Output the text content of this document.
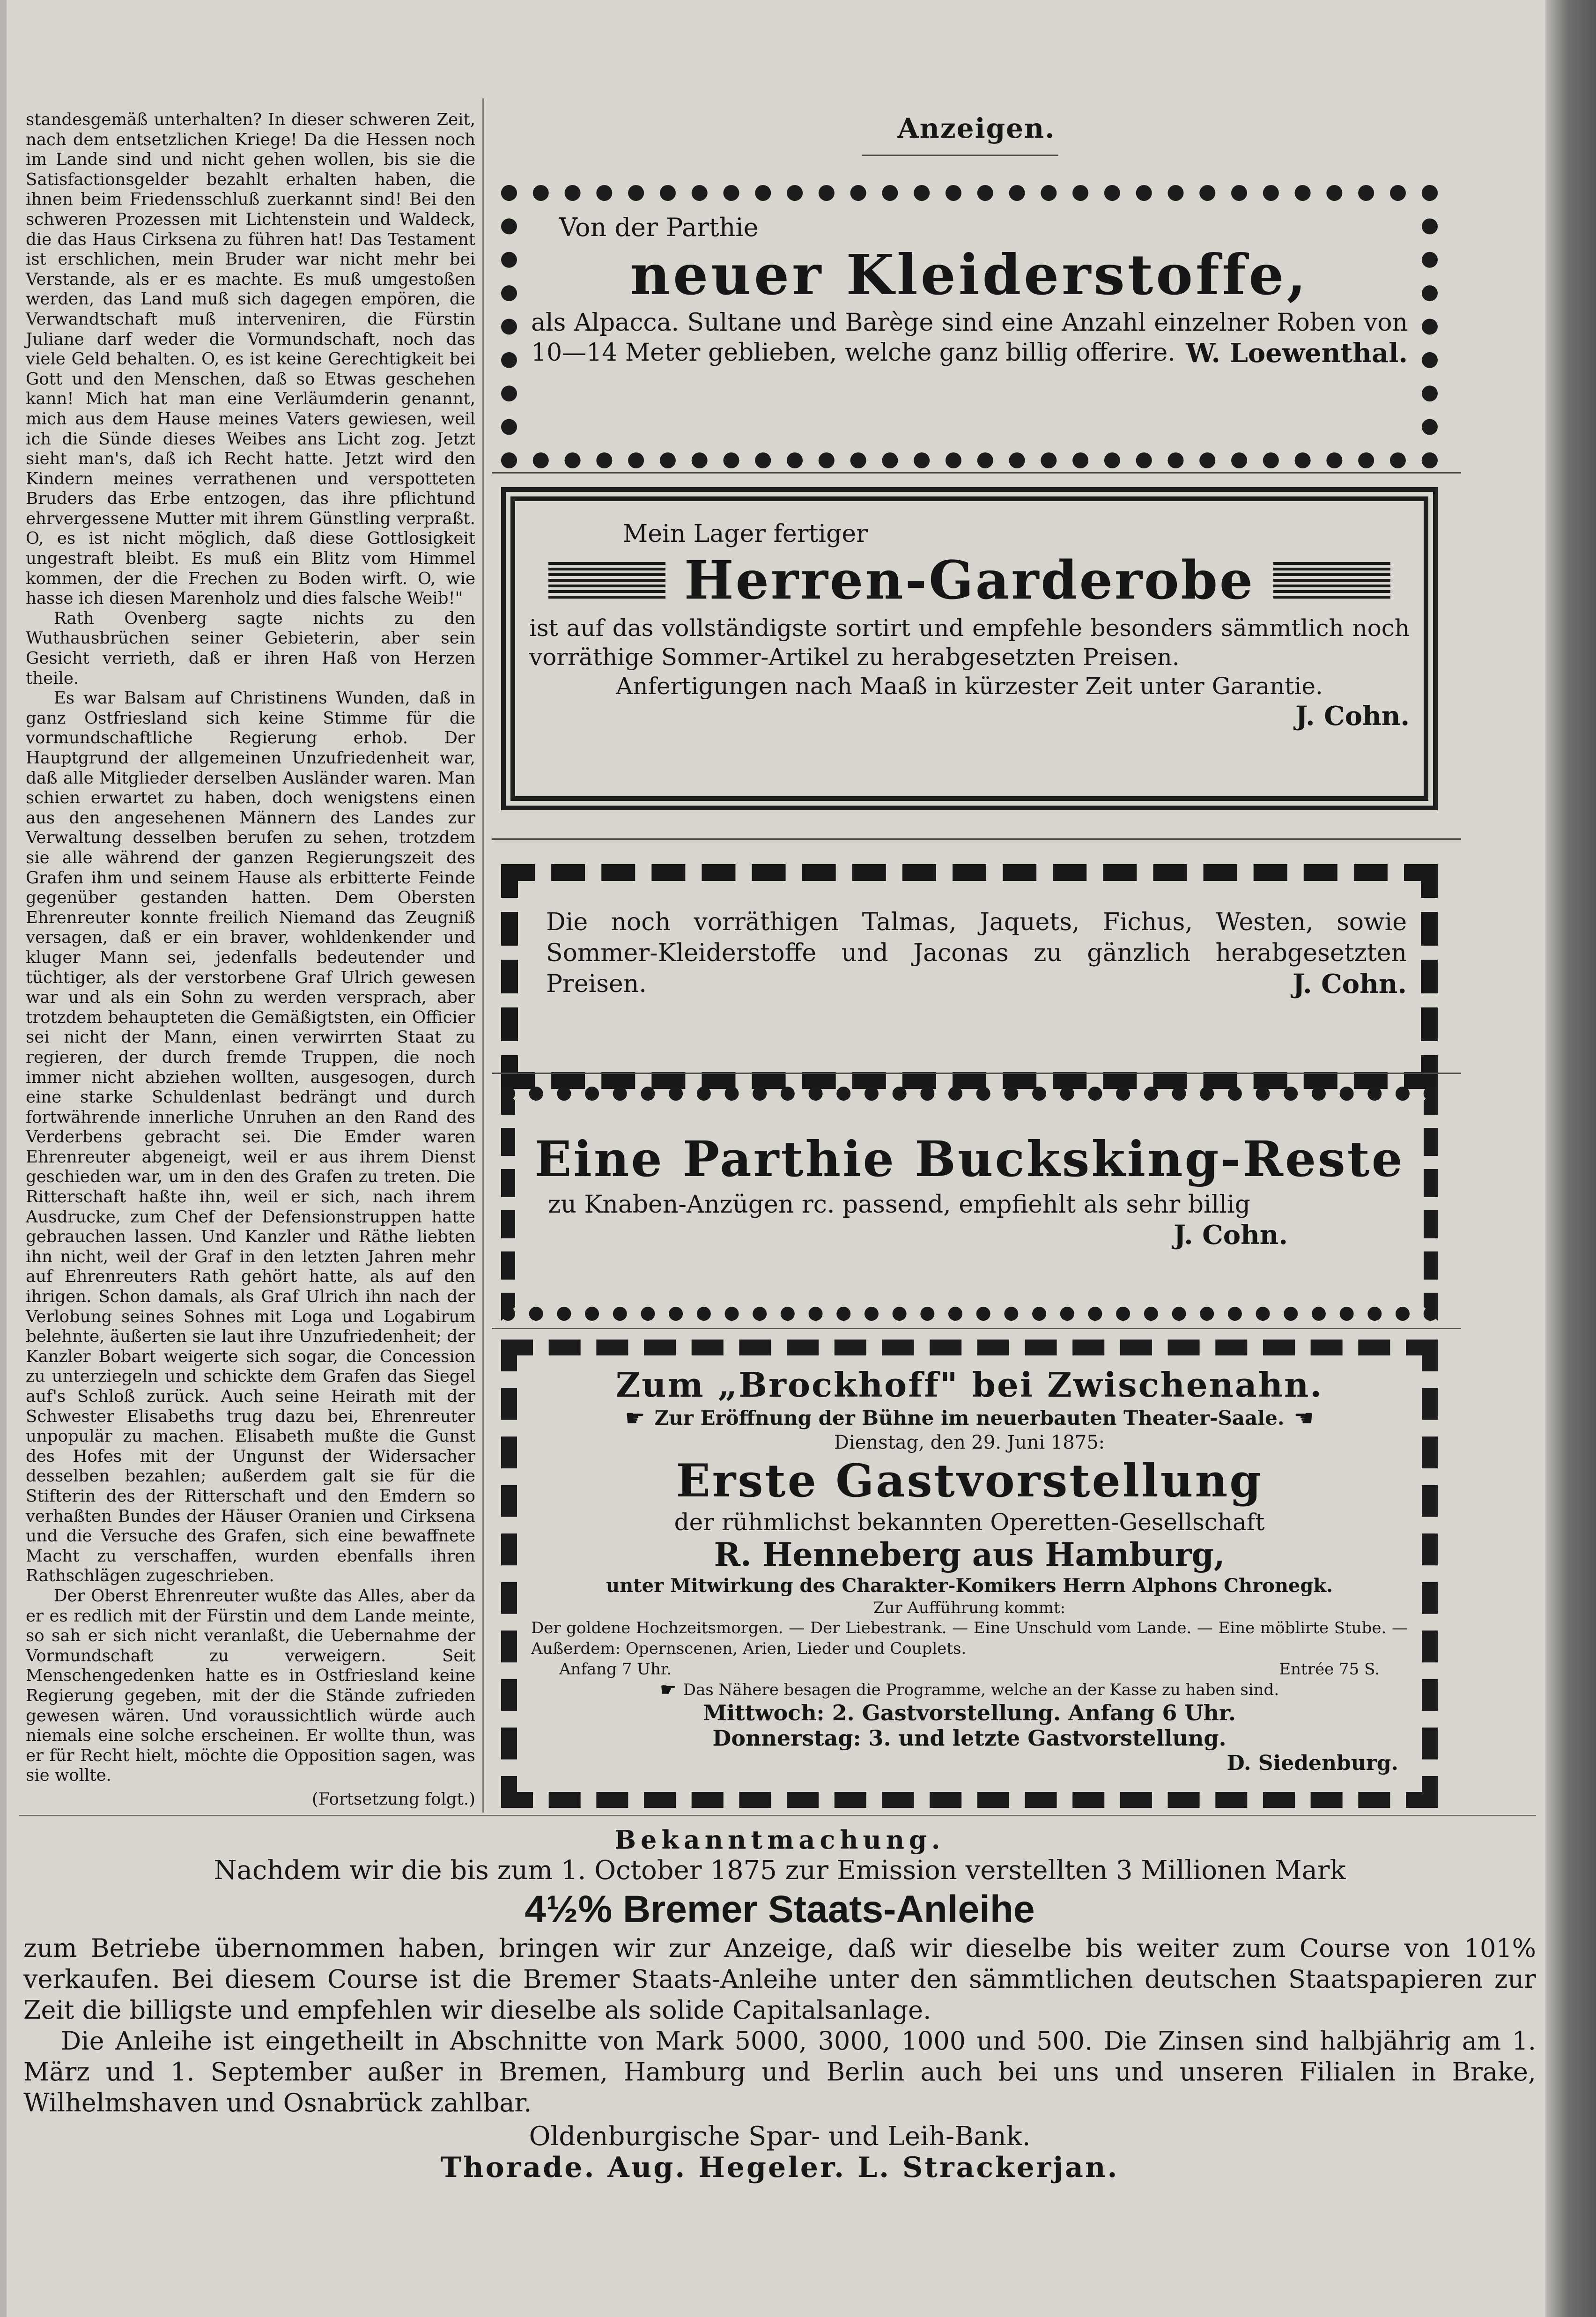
standesgemäß unterhalten? In dieser schweren Zeit, nach dem entsetzlichen Kriege! Da die Hessen noch im Lande sind und nicht gehen wollen, bis sie die Satisfactionsgelder bezahlt erhalten haben, die ihnen beim Friedensschluß zuerkannt sind! Bei den schweren Prozessen mit Lichtenstein und Waldeck, die das Haus Cirksena zu führen hat! Das Testament ist erschlichen, mein Bruder war nicht mehr bei Verstande, als er es machte. Es muß umgestoßen werden, das Land muß sich dagegen empören, die Verwandtschaft muß interveniren, die Fürstin Juliane darf weder die Vormundschaft, noch das viele Geld behalten. O, es ist keine Gerechtigkeit bei Gott und den Menschen, daß so Etwas geschehen kann! Mich hat man eine Verläumderin genannt, mich aus dem Hause meines Vaters gewiesen, weil ich die Sünde dieses Weibes ans Licht zog. Jetzt sieht man's, daß ich Recht hatte. Jetzt wird den Kindern meines verrathenen und verspotteten Bruders das Erbe entzogen, das ihre pflichtund ehrvergessene Mutter mit ihrem Günstling verpraßt. O, es ist nicht möglich, daß diese Gottlosigkeit ungestraft bleibt. Es muß ein Blitz vom Himmel kommen, der die Frechen zu Boden wirft. O, wie hasse ich diesen Marenholz und dies falsche Weib!"

Rath Ovenberg sagte nichts zu den Wuthausbrüchen seiner Gebieterin, aber sein Gesicht verrieth, daß er ihren Haß von Herzen theile.

Es war Balsam auf Christinens Wunden, daß in ganz Ostfriesland sich keine Stimme für die vormundschaftliche Regierung erhob. Der Hauptgrund der allgemeinen Unzufriedenheit war, daß alle Mitglieder derselben Ausländer waren. Man schien erwartet zu haben, doch wenigstens einen aus den angesehenen Männern des Landes zur Verwaltung desselben berufen zu sehen, trotzdem sie alle während der ganzen Regierungszeit des Grafen ihm und seinem Hause als erbitterte Feinde gegenüber gestanden hatten. Dem Obersten Ehrenreuter konnte freilich Niemand das Zeugniß versagen, daß er ein braver, wohldenkender und kluger Mann sei, jedenfalls bedeutender und tüchtiger, als der verstorbene Graf Ulrich gewesen war und als ein Sohn zu werden versprach, aber trotzdem behaupteten die Gemäßigtsten, ein Officier sei nicht der Mann, einen verwirrten Staat zu regieren, der durch fremde Truppen, die noch immer nicht abziehen wollten, ausgesogen, durch eine starke Schuldenlast bedrängt und durch fortwährende innerliche Unruhen an den Rand des Verderbens gebracht sei. Die Emder waren Ehrenreuter abgeneigt, weil er aus ihrem Dienst geschieden war, um in den des Grafen zu treten. Die Ritterschaft haßte ihn, weil er sich, nach ihrem Ausdrucke, zum Chef der Defensionstruppen hatte gebrauchen lassen. Und Kanzler und Räthe liebten ihn nicht, weil der Graf in den letzten Jahren mehr auf Ehrenreuters Rath gehört hatte, als auf den ihrigen. Schon damals, als Graf Ulrich ihn nach der Verlobung seines Sohnes mit Loga und Logabirum belehnte, äußerten sie laut ihre Unzufriedenheit; der Kanzler Bobart weigerte sich sogar, die Concession zu unterziegeln und schickte dem Grafen das Siegel auf's Schloß zurück. Auch seine Heirath mit der Schwester Elisabeths trug dazu bei, Ehrenreuter unpopulär zu machen. Elisabeth mußte die Gunst des Hofes mit der Ungunst der Widersacher desselben bezahlen; außerdem galt sie für die Stifterin des der Ritterschaft und den Emdern so verhaßten Bundes der Häuser Oranien und Cirksena und die Versuche des Grafen, sich eine bewaffnete Macht zu verschaffen, wurden ebenfalls ihren Rathschlägen zugeschrieben.

Der Oberst Ehrenreuter wußte das Alles, aber da er es redlich mit der Fürstin und dem Lande meinte, so sah er sich nicht veranlaßt, die Uebernahme der Vormundschaft zu verweigern. Seit Menschengedenken hatte es in Ostfriesland keine Regierung gegeben, mit der die Stände zufrieden gewesen wären. Und voraussichtlich würde auch niemals eine solche erscheinen. Er wollte thun, was er für Recht hielt, möchte die Opposition sagen, was sie wollte.

(Fortsetzung folgt.)
Anzeigen.

Von der Parthie

neuer Kleiderstoffe,

als Alpacca. Sultane und Barège sind eine Anzahl einzelner Roben von 10—14 Meter geblieben, welche ganz billig offerire. W. Loewenthal.

Mein Lager fertiger

Herren-Garderobe

ist auf das vollständigste sortirt und empfehle besonders sämmtlich noch vorräthige Sommer-Artikel zu herabgesetzten Preisen.

Anfertigungen nach Maaß in kürzester Zeit unter Garantie.

J. Cohn.

Die noch vorräthigen Talmas, Jaquets, Fichus, Westen, sowie Sommer-Kleiderstoffe und Jaconas zu gänzlich herabgesetzten Preisen.	J. Cohn.

Eine Parthie Bucksking-Reste

zu Knaben-Anzügen rc. passend, empfiehlt als sehr billig

J. Cohn.

Zum „Brockhoff" bei Zwischenahn.

☛ Zur Eröffnung der Bühne im neuerbauten Theater-Saale. ☚

Dienstag, den 29. Juni 1875:

Erste Gastvorstellung

der rühmlichst bekannten Operetten-Gesellschaft

R. Henneberg aus Hamburg,

unter Mitwirkung des Charakter-Komikers Herrn Alphons Chronegk.

Zur Aufführung kommt:

Der goldene Hochzeitsmorgen. — Der Liebestrank. — Eine Unschuld vom Lande. — Eine möblirte Stube. — Außerdem: Opernscenen, Arien, Lieder und Couplets.

Anfang 7 Uhr.	Entrée 75 S.
☛ Das Nähere besagen die Programme, welche an der Kasse zu haben sind.

Mittwoch: 2. Gastvorstellung. Anfang 6 Uhr.

Donnerstag: 3. und letzte Gastvorstellung.

D. Siedenburg.

Bekanntmachung.

Nachdem wir die bis zum 1. October 1875 zur Emission verstellten 3 Millionen Mark

4½% Bremer Staats-Anleihe

zum Betriebe übernommen haben, bringen wir zur Anzeige, daß wir dieselbe bis weiter zum Course von 101% verkaufen. Bei diesem Course ist die Bremer Staats-Anleihe unter den sämmtlichen deutschen Staatspapieren zur Zeit die billigste und empfehlen wir dieselbe als solide Capitalsanlage.

Die Anleihe ist eingetheilt in Abschnitte von Mark 5000, 3000, 1000 und 500. Die Zinsen sind halbjährig am 1. März und 1. September außer in Bremen, Hamburg und Berlin auch bei uns und unseren Filialen in Brake, Wilhelmshaven und Osnabrück zahlbar.

Oldenburgische Spar- und Leih-Bank.

Thorade. Aug. Hegeler. L. Strackerjan.
